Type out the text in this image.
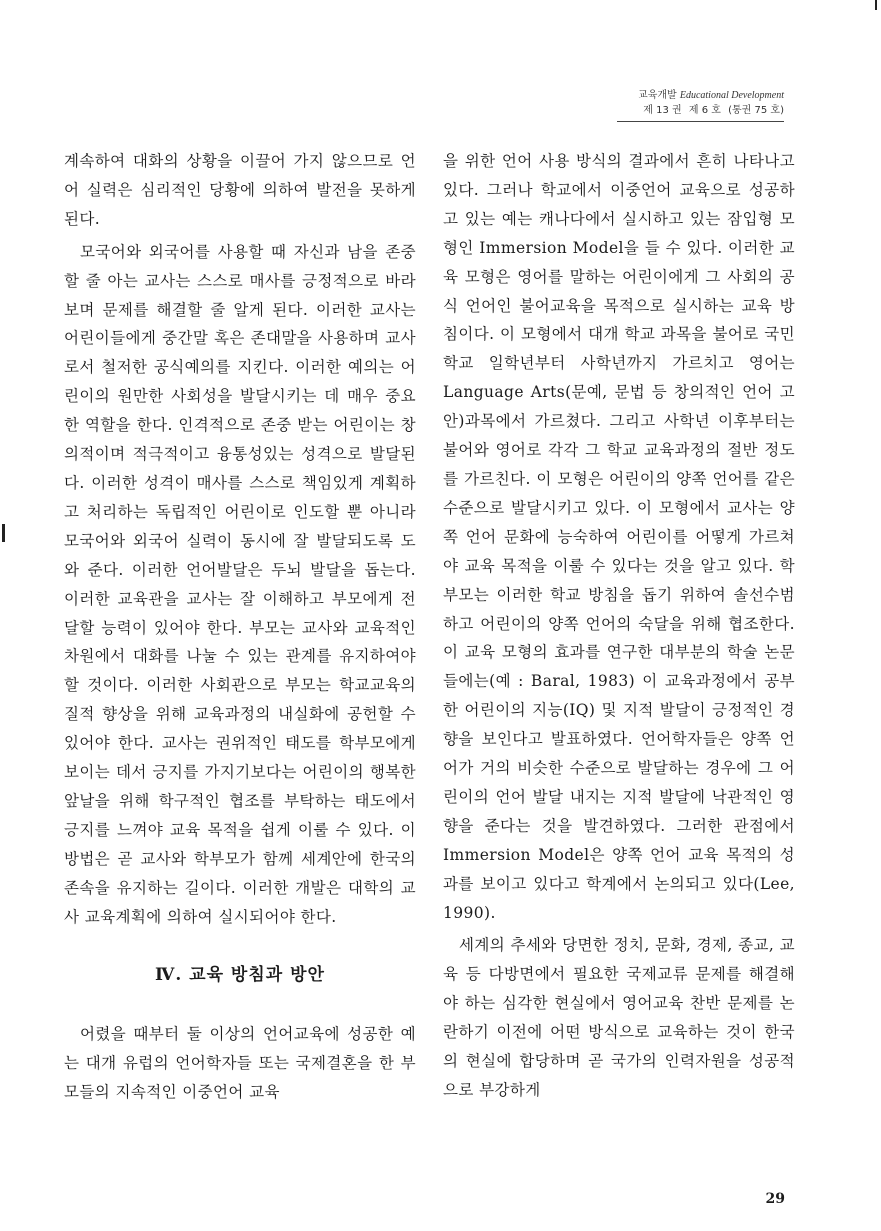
교육개발 Educational Development
제 13 권 제 6 호 (통권 75 호)

계속하여 대화의 상황을 이끌어 가지 않으므로 언어 실력은 심리적인 당황에 의하여 발전을 못하게 된다.

모국어와 외국어를 사용할 때 자신과 남을 존중할 줄 아는 교사는 스스로 매사를 긍정적으로 바라보며 문제를 해결할 줄 알게 된다. 이러한 교사는 어린이들에게 중간말 혹은 존대말을 사용하며 교사로서 철저한 공식예의를 지킨다. 이러한 예의는 어린이의 원만한 사회성을 발달시키는 데 매우 중요한 역할을 한다. 인격적으로 존중 받는 어린이는 창의적이며 적극적이고 융통성있는 성격으로 발달된다. 이러한 성격이 매사를 스스로 책임있게 계획하고 처리하는 독립적인 어린이로 인도할 뿐 아니라 모국어와 외국어 실력이 동시에 잘 발달되도록 도와 준다. 이러한 언어발달은 두뇌 발달을 돕는다. 이러한 교육관을 교사는 잘 이해하고 부모에게 전달할 능력이 있어야 한다. 부모는 교사와 교육적인 차원에서 대화를 나눌 수 있는 관계를 유지하여야 할 것이다. 이러한 사회관으로 부모는 학교교육의 질적 향상을 위해 교육과정의 내실화에 공헌할 수 있어야 한다. 교사는 권위적인 태도를 학부모에게 보이는 데서 긍지를 가지기보다는 어린이의 행복한 앞날을 위해 학구적인 협조를 부탁하는 태도에서 긍지를 느껴야 교육 목적을 쉽게 이룰 수 있다. 이 방법은 곧 교사와 학부모가 함께 세계안에 한국의 존속을 유지하는 길이다. 이러한 개발은 대학의 교사 교육계획에 의하여 실시되어야 한다.

Ⅳ. 교육 방침과 방안

어렸을 때부터 둘 이상의 언어교육에 성공한 예는 대개 유럽의 언어학자들 또는 국제결혼을 한 부모들의 지속적인 이중언어 교육

을 위한 언어 사용 방식의 결과에서 흔히 나타나고 있다. 그러나 학교에서 이중언어 교육으로 성공하고 있는 예는 캐나다에서 실시하고 있는 잠입형 모형인 Immersion Model을 들 수 있다. 이러한 교육 모형은 영어를 말하는 어린이에게 그 사회의 공식 언어인 불어교육을 목적으로 실시하는 교육 방침이다. 이 모형에서 대개 학교 과목을 불어로 국민학교 일학년부터 사학년까지 가르치고 영어는 Language Arts(문예, 문법 등 창의적인 언어 고안)과목에서 가르쳤다. 그리고 사학년 이후부터는 불어와 영어로 각각 그 학교 교육과정의 절반 정도를 가르친다. 이 모형은 어린이의 양쪽 언어를 같은 수준으로 발달시키고 있다. 이 모형에서 교사는 양쪽 언어 문화에 능숙하여 어린이를 어떻게 가르쳐야 교육 목적을 이룰 수 있다는 것을 알고 있다. 학부모는 이러한 학교 방침을 돕기 위하여 솔선수범하고 어린이의 양쪽 언어의 숙달을 위해 협조한다. 이 교육 모형의 효과를 연구한 대부분의 학술 논문들에는(예 : Baral, 1983) 이 교육과정에서 공부한 어린이의 지능(IQ) 및 지적 발달이 긍정적인 경향을 보인다고 발표하였다. 언어학자들은 양쪽 언어가 거의 비슷한 수준으로 발달하는 경우에 그 어린이의 언어 발달 내지는 지적 발달에 낙관적인 영향을 준다는 것을 발견하였다. 그러한 관점에서 Immersion Model은 양쪽 언어 교육 목적의 성과를 보이고 있다고 학계에서 논의되고 있다(Lee, 1990).

세계의 추세와 당면한 정치, 문화, 경제, 종교, 교육 등 다방면에서 필요한 국제교류 문제를 해결해야 하는 심각한 현실에서 영어교육 찬반 문제를 논란하기 이전에 어떤 방식으로 교육하는 것이 한국의 현실에 합당하며 곧 국가의 인력자원을 성공적으로 부강하게

29
